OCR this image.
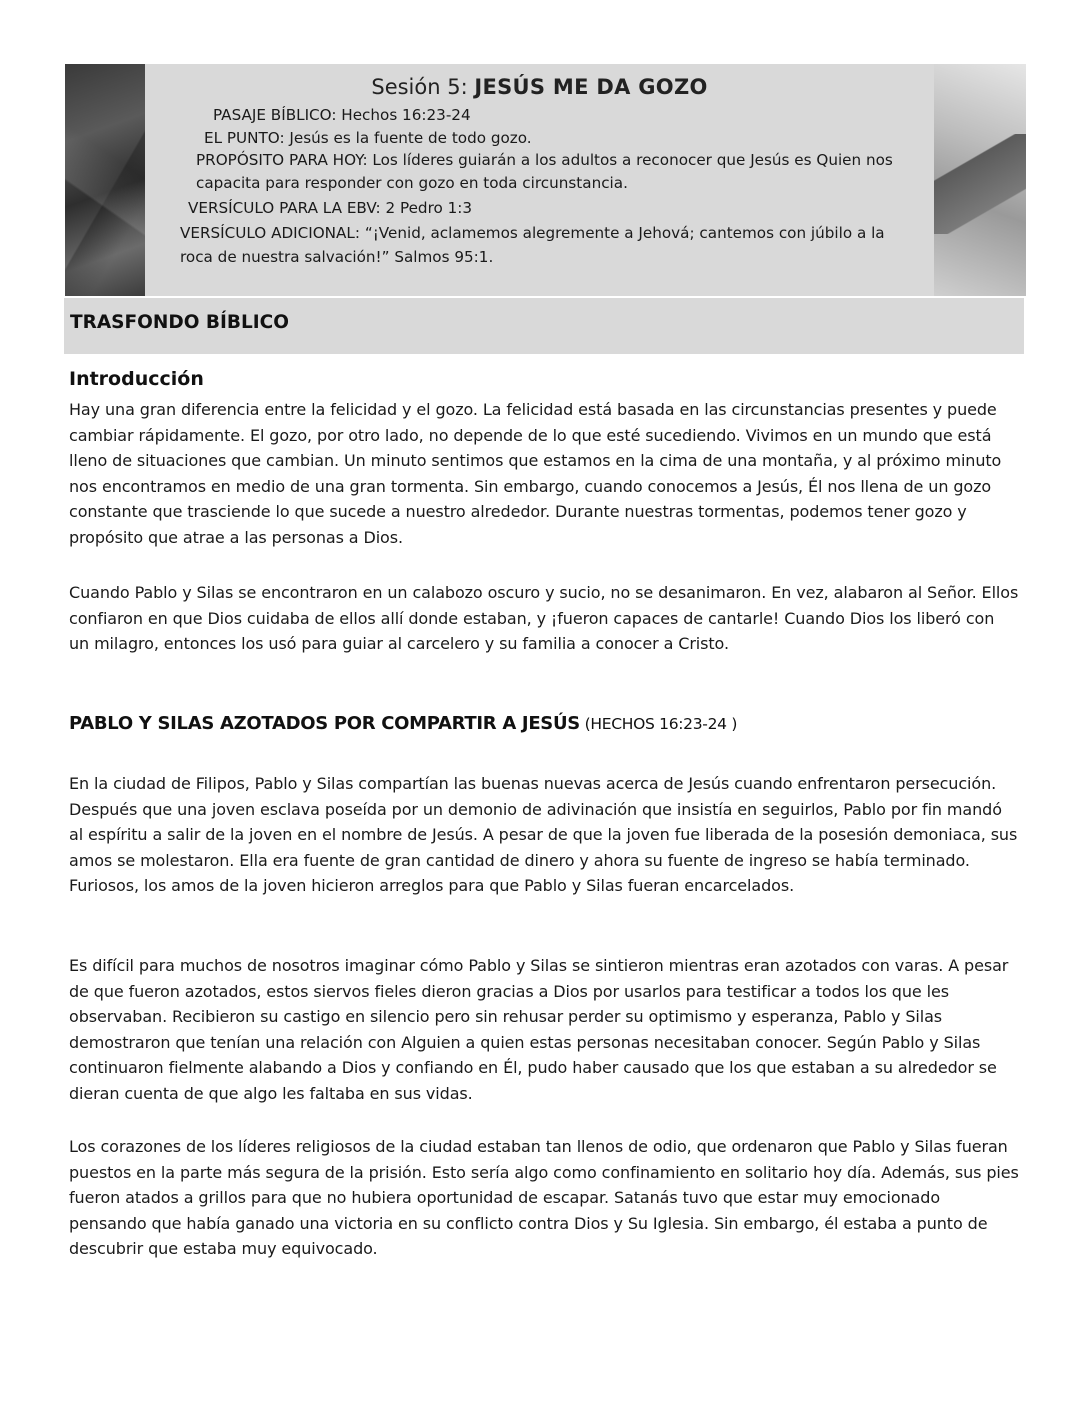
Sesión 5: JESÚS ME DA GOZO
PASAJE BÍBLICO: Hechos 16:23-24
EL PUNTO: Jesús es la fuente de todo gozo.
PROPÓSITO PARA HOY: Los líderes guiarán a los adultos a reconocer que Jesús es Quien nos
capacita para responder con gozo en toda circunstancia.
VERSÍCULO PARA LA EBV: 2 Pedro 1:3
VERSÍCULO ADICIONAL: “¡Venid, aclamemos alegremente a Jehová; cantemos con júbilo a la
roca de nuestra salvación!” Salmos 95:1.
TRASFONDO BÍBLICO
Introducción

Hay una gran diferencia entre la felicidad y el gozo. La felicidad está basada en las circunstancias presentes y puede cambiar rápidamente. El gozo, por otro lado, no depende de lo que esté sucediendo. Vivimos en un mundo que está lleno de situaciones que cambian. Un minuto sentimos que estamos en la cima de una montaña, y al próximo minuto nos encontramos en medio de una gran tormenta. Sin embargo, cuando conocemos a Jesús, Él nos llena de un gozo constante que trasciende lo que sucede a nuestro alrededor. Durante nuestras tormentas, podemos tener gozo y propósito que atrae a las personas a Dios.

Cuando Pablo y Silas se encontraron en un calabozo oscuro y sucio, no se desanimaron. En vez, alabaron al Señor. Ellos confiaron en que Dios cuidaba de ellos allí donde estaban, y ¡fueron capaces de cantarle! Cuando Dios los liberó con un milagro, entonces los usó para guiar al carcelero y su familia a conocer a Cristo.

PABLO Y SILAS AZOTADOS POR COMPARTIR A JESÚS (HECHOS 16:23-24 )

En la ciudad de Filipos, Pablo y Silas compartían las buenas nuevas acerca de Jesús cuando enfrentaron persecución. Después que una joven esclava poseída por un demonio de adivinación que insistía en seguirlos, Pablo por fin mandó al espíritu a salir de la joven en el nombre de Jesús. A pesar de que la joven fue liberada de la posesión demoniaca, sus amos se molestaron. Ella era fuente de gran cantidad de dinero y ahora su fuente de ingreso se había terminado. Furiosos, los amos de la joven hicieron arreglos para que Pablo y Silas fueran encarcelados.

Es difícil para muchos de nosotros imaginar cómo Pablo y Silas se sintieron mientras eran azotados con varas. A pesar de que fueron azotados, estos siervos fieles dieron gracias a Dios por usarlos para testificar a todos los que les observaban. Recibieron su castigo en silencio pero sin rehusar perder su optimismo y esperanza, Pablo y Silas demostraron que tenían una relación con Alguien a quien estas personas necesitaban conocer. Según Pablo y Silas continuaron fielmente alabando a Dios y confiando en Él, pudo haber causado que los que estaban a su alrededor se dieran cuenta de que algo les faltaba en sus vidas.

Los corazones de los líderes religiosos de la ciudad estaban tan llenos de odio, que ordenaron que Pablo y Silas fueran puestos en la parte más segura de la prisión. Esto sería algo como confinamiento en solitario hoy día. Además, sus pies fueron atados a grillos para que no hubiera oportunidad de escapar. Satanás tuvo que estar muy emocionado pensando que había ganado una victoria en su conflicto contra Dios y Su Iglesia. Sin embargo, él estaba a punto de descubrir que estaba muy equivocado.
